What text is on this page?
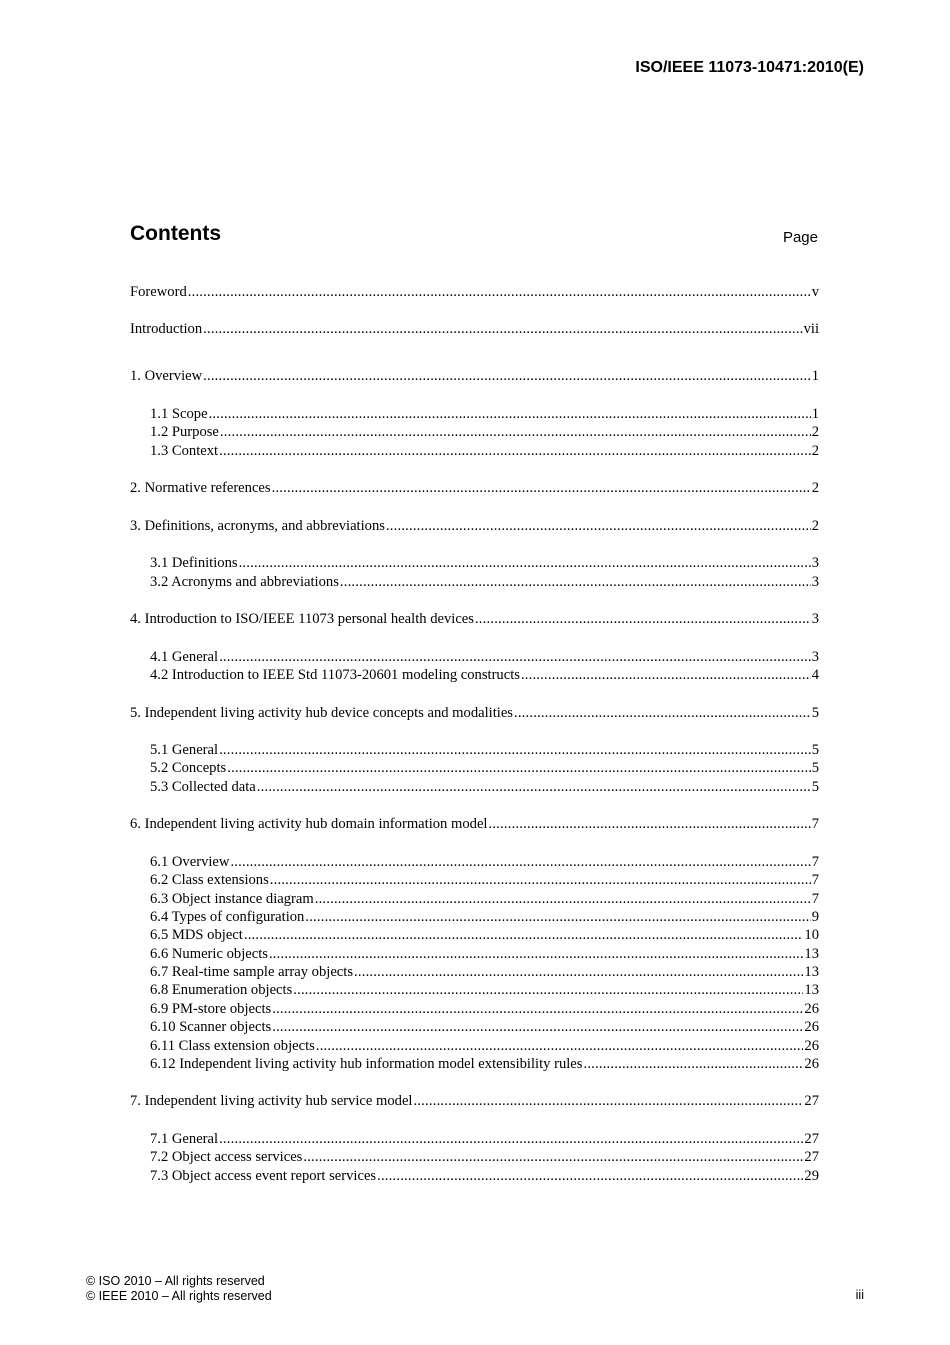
ISO/IEEE 11073-10471:2010(E)
Contents	Page
Foreword .....	v
Introduction .....	vii
1. Overview .....	1
1.1 Scope .....	1
1.2 Purpose .....	2
1.3 Context .....	2
2. Normative references .....	2
3. Definitions, acronyms, and abbreviations .....	2
3.1 Definitions .....	3
3.2 Acronyms and abbreviations .....	3
4. Introduction to ISO/IEEE 11073 personal health devices .....	3
4.1 General .....	3
4.2 Introduction to IEEE Std 11073-20601 modeling constructs .....	4
5. Independent living activity hub device concepts and modalities .....	5
5.1 General .....	5
5.2 Concepts .....	5
5.3 Collected data .....	5
6. Independent living activity hub domain information model .....	7
6.1 Overview .....	7
6.2 Class extensions .....	7
6.3 Object instance diagram .....	7
6.4 Types of configuration .....	9
6.5 MDS object .....	10
6.6 Numeric objects .....	13
6.7 Real-time sample array objects .....	13
6.8 Enumeration objects .....	13
6.9 PM-store objects .....	26
6.10 Scanner objects .....	26
6.11 Class extension objects .....	26
6.12 Independent living activity hub information model extensibility rules .....	26
7. Independent living activity hub service model .....	27
7.1 General .....	27
7.2 Object access services .....	27
7.3 Object access event report services .....	29
© ISO 2010 – All rights reserved
© IEEE 2010 – All rights reserved	iii
